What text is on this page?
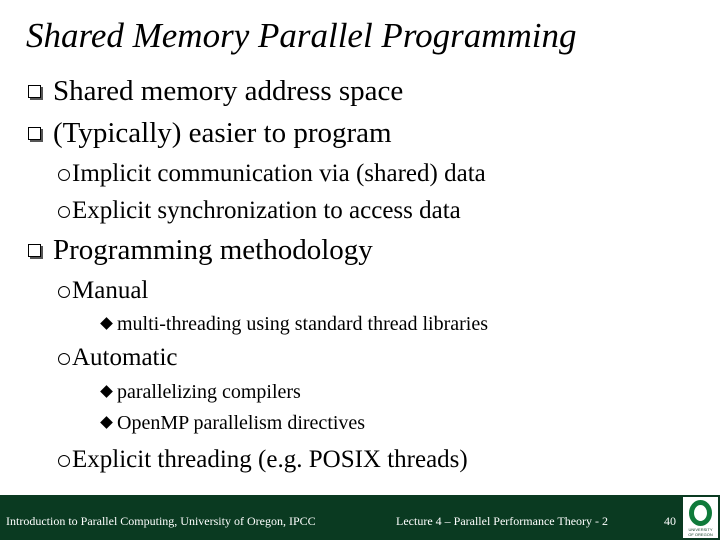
Shared Memory Parallel Programming
Shared memory address space
(Typically) easier to program
Implicit communication via (shared) data
Explicit synchronization to access data
Programming methodology
Manual
multi-threading using standard thread libraries
Automatic
parallelizing compilers
OpenMP parallelism directives
Explicit threading (e.g. POSIX threads)
Introduction to Parallel Computing, University of Oregon, IPCC	Lecture 4 – Parallel Performance Theory - 2	40
UNIVERSITY
OF OREGON
